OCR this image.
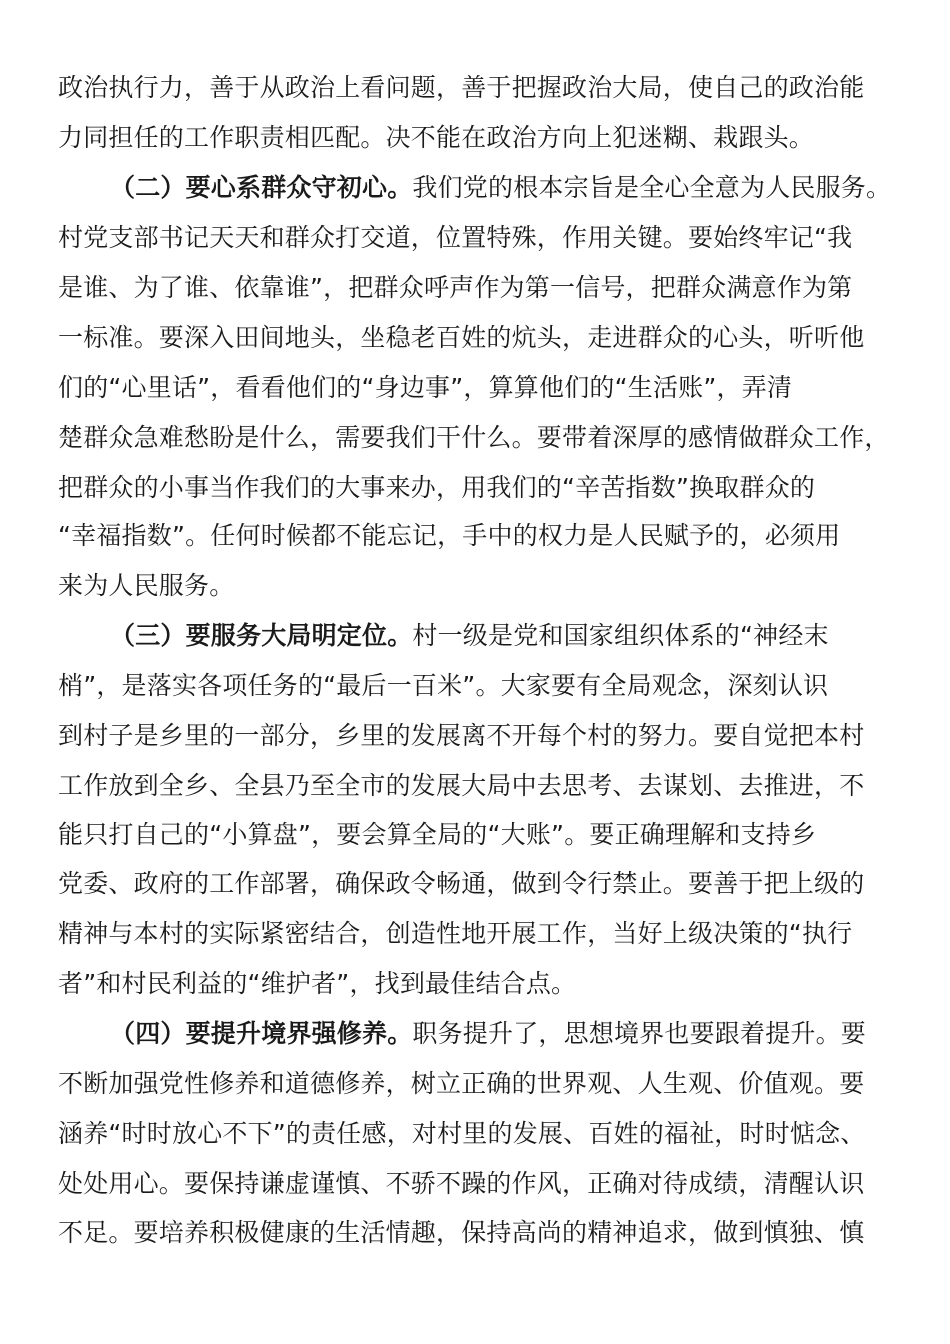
政治执行力，善于从政治上看问题，善于把握政治大局，使自己的政治能
力同担任的工作职责相匹配。决不能在政治方向上犯迷糊、栽跟头。
（二）要心系群众守初心。我们党的根本宗旨是全心全意为人民服务。
村党支部书记天天和群众打交道，位置特殊，作用关键。要始终牢记“我
是谁、为了谁、依靠谁”，把群众呼声作为第一信号，把群众满意作为第
一标准。要深入田间地头，坐稳老百姓的炕头，走进群众的心头，听听他
们的“心里话”，看看他们的“身边事”，算算他们的“生活账”，弄清
楚群众急难愁盼是什么，需要我们干什么。要带着深厚的感情做群众工作，
把群众的小事当作我们的大事来办，用我们的“辛苦指数”换取群众的
“幸福指数”。任何时候都不能忘记，手中的权力是人民赋予的，必须用
来为人民服务。
（三）要服务大局明定位。村一级是党和国家组织体系的“神经末
梢”，是落实各项任务的“最后一百米”。大家要有全局观念，深刻认识
到村子是乡里的一部分，乡里的发展离不开每个村的努力。要自觉把本村
工作放到全乡、全县乃至全市的发展大局中去思考、去谋划、去推进，不
能只打自己的“小算盘”，要会算全局的“大账”。要正确理解和支持乡
党委、政府的工作部署，确保政令畅通，做到令行禁止。要善于把上级的
精神与本村的实际紧密结合，创造性地开展工作，当好上级决策的“执行
者”和村民利益的“维护者”，找到最佳结合点。
（四）要提升境界强修养。职务提升了，思想境界也要跟着提升。要
不断加强党性修养和道德修养，树立正确的世界观、人生观、价值观。要
涵养“时时放心不下”的责任感，对村里的发展、百姓的福祉，时时惦念、
处处用心。要保持谦虚谨慎、不骄不躁的作风，正确对待成绩，清醒认识
不足。要培养积极健康的生活情趣，保持高尚的精神追求，做到慎独、慎
